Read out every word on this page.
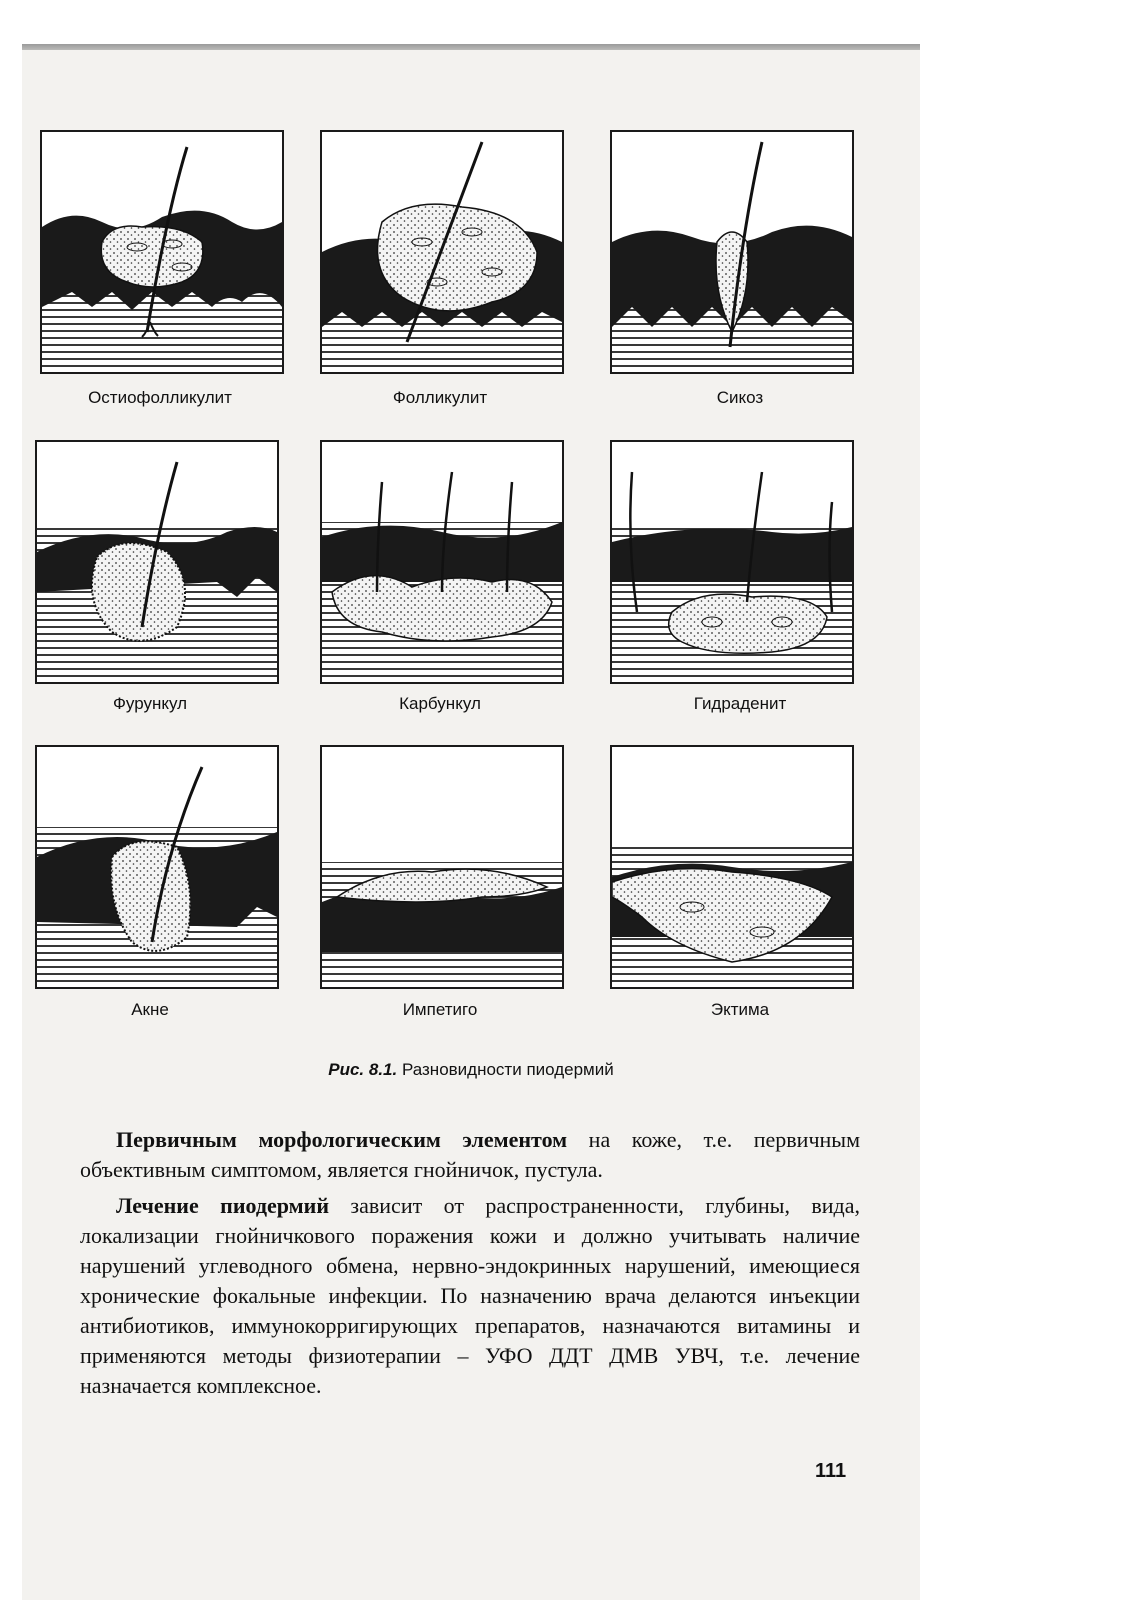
Остиофолликулит	Фолликулит	Сикоз
Фурункул	Карбункул	Гидраденит
Акне	Импетиго	Эктима
Рис. 8.1. Разновидности пиодермий

Первичным морфологическим элементом на коже, т.е. первичным объективным симптомом, является гнойничок, пустула.

Лечение пиодермий зависит от распространенности, глубины, вида, локализации гнойничкового поражения кожи и должно учитывать наличие нарушений углеводного обмена, нервно-эндокринных нарушений, имеющиеся хронические фокальные инфекции. По назначению врача делаются инъекции антибиотиков, иммунокорригирующих препаратов, назначаются витамины и применяются методы физиотерапии – УФО ДДТ ДМВ УВЧ, т.е. лечение назначается комплексное.

111
